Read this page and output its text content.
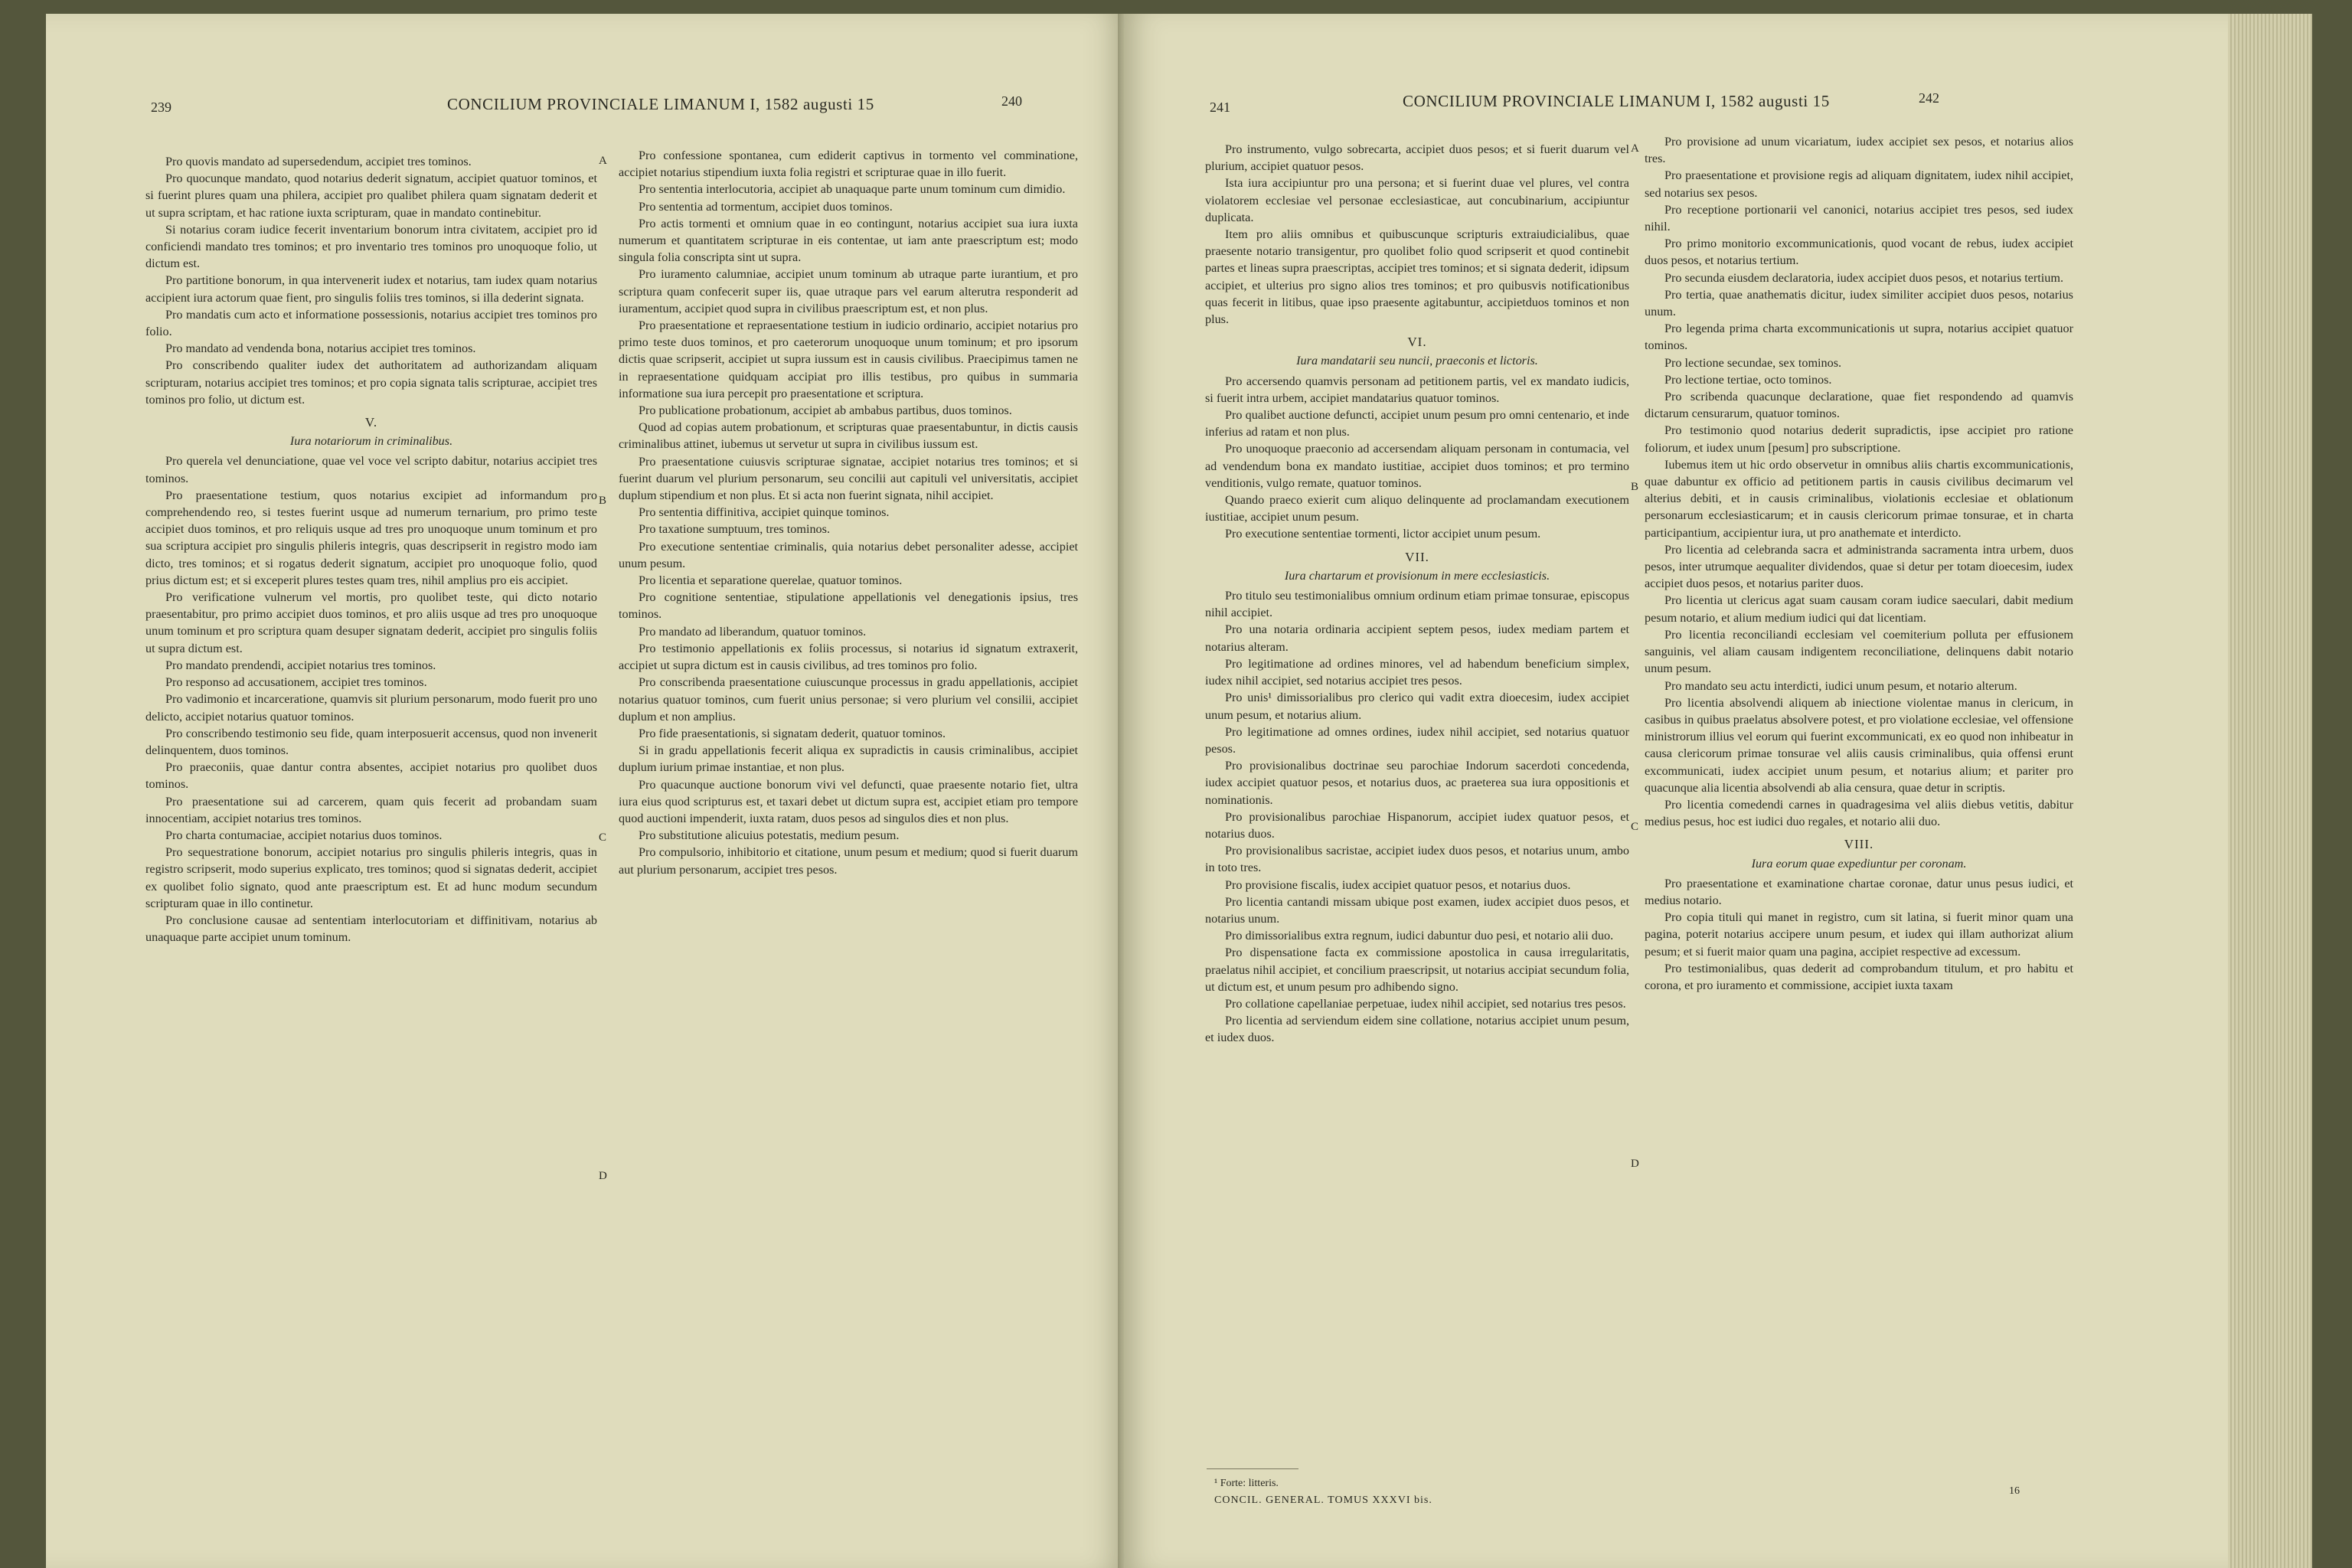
239	CONCILIUM PROVINCIALE LIMANUM I, 1582 augusti 15	240

Pro quovis mandato ad supersedendum, accipiet tres tominos.

Pro quocunque mandato, quod notarius dederit signatum, accipiet quatuor tominos, et si fuerint plures quam una philera, accipiet pro qualibet philera quam signatam dederit et ut supra scriptam, et hac ratione iuxta scripturam, quae in mandato continebitur.

Si notarius coram iudice fecerit inventarium bonorum intra civitatem, accipiet pro id conficiendi mandato tres tominos; et pro inventario tres tominos pro unoquoque folio, ut dictum est.

Pro partitione bonorum, in qua intervenerit iudex et notarius, tam iudex quam notarius accipient iura actorum quae fient, pro singulis foliis tres tominos, si illa dederint signata.

Pro mandatis cum acto et informatione possessionis, notarius accipiet tres tominos pro folio.

Pro mandato ad vendenda bona, notarius accipiet tres tominos.

Pro conscribendo qualiter iudex det authoritatem ad authorizandam aliquam scripturam, notarius accipiet tres tominos; et pro copia signata talis scripturae, accipiet tres tominos pro folio, ut dictum est.

V.

Iura notariorum in criminalibus.

Pro querela vel denunciatione, quae vel voce vel scripto dabitur, notarius accipiet tres tominos.

Pro praesentatione testium, quos notarius excipiet ad informandum pro comprehendendo reo, si testes fuerint usque ad numerum ternarium, pro primo teste accipiet duos tominos, et pro reliquis usque ad tres pro unoquoque unum tominum et pro sua scriptura accipiet pro singulis phileris integris, quas descripserit in registro modo iam dicto, tres tominos; et si rogatus dederit signatum, accipiet pro unoquoque folio, quod prius dictum est; et si exceperit plures testes quam tres, nihil amplius pro eis accipiet.

Pro verificatione vulnerum vel mortis, pro quolibet teste, qui dicto notario praesentabitur, pro primo accipiet duos tominos, et pro aliis usque ad tres pro unoquoque unum tominum et pro scriptura quam desuper signatam dederit, accipiet pro singulis foliis ut supra dictum est.

Pro mandato prendendi, accipiet notarius tres tominos.

Pro responso ad accusationem, accipiet tres tominos.

Pro vadimonio et incarceratione, quamvis sit plurium personarum, modo fuerit pro uno delicto, accipiet notarius quatuor tominos.

Pro conscribendo testimonio seu fide, quam interposuerit accensus, quod non invenerit delinquentem, duos tominos.

Pro praeconiis, quae dantur contra absentes, accipiet notarius pro quolibet duos tominos.

Pro praesentatione sui ad carcerem, quam quis fecerit ad probandam suam innocentiam, accipiet notarius tres tominos.

Pro charta contumaciae, accipiet notarius duos tominos.

Pro sequestratione bonorum, accipiet notarius pro singulis phileris integris, quas in registro scripserit, modo superius explicato, tres tominos; quod si signatas dederit, accipiet ex quolibet folio signato, quod ante praescriptum est. Et ad hunc modum secundum scripturam quae in illo continetur.

Pro conclusione causae ad sententiam interlocutoriam et diffinitivam, notarius ab unaquaque parte accipiet unum tominum.

Pro confessione spontanea, cum ediderit captivus in tormento vel comminatione, accipiet notarius stipendium iuxta folia registri et scripturae quae in illo fuerit.

Pro sententia interlocutoria, accipiet ab unaquaque parte unum tominum cum dimidio.

Pro sententia ad tormentum, accipiet duos tominos.

Pro actis tormenti et omnium quae in eo contingunt, notarius accipiet sua iura iuxta numerum et quantitatem scripturae in eis contentae, ut iam ante praescriptum est; modo singula folia conscripta sint ut supra.

Pro iuramento calumniae, accipiet unum tominum ab utraque parte iurantium, et pro scriptura quam confecerit super iis, quae utraque pars vel earum alterutra responderit ad iuramentum, accipiet quod supra in civilibus praescriptum est, et non plus.

Pro praesentatione et repraesentatione testium in iudicio ordinario, accipiet notarius pro primo teste duos tominos, et pro caeterorum unoquoque unum tominum; et pro ipsorum dictis quae scripserit, accipiet ut supra iussum est in causis civilibus. Praecipimus tamen ne in repraesentatione quidquam accipiat pro illis testibus, pro quibus in summaria informatione sua iura percepit pro praesentatione et scriptura.

Pro publicatione probationum, accipiet ab ambabus partibus, duos tominos.

Quod ad copias autem probationum, et scripturas quae praesentabuntur, in dictis causis criminalibus attinet, iubemus ut servetur ut supra in civilibus iussum est.

Pro praesentatione cuiusvis scripturae signatae, accipiet notarius tres tominos; et si fuerint duarum vel plurium personarum, seu concilii aut capituli vel universitatis, accipiet duplum stipendium et non plus. Et si acta non fuerint signata, nihil accipiet.

Pro sententia diffinitiva, accipiet quinque tominos.

Pro taxatione sumptuum, tres tominos.

Pro executione sententiae criminalis, quia notarius debet personaliter adesse, accipiet unum pesum.

Pro licentia et separatione querelae, quatuor tominos.

Pro cognitione sententiae, stipulatione appellationis vel denegationis ipsius, tres tominos.

Pro mandato ad liberandum, quatuor tominos.

Pro testimonio appellationis ex foliis processus, si notarius id signatum extraxerit, accipiet ut supra dictum est in causis civilibus, ad tres tominos pro folio.

Pro conscribenda praesentatione cuiuscunque processus in gradu appellationis, accipiet notarius quatuor tominos, cum fuerit unius personae; si vero plurium vel consilii, accipiet duplum et non amplius.

Pro fide praesentationis, si signatam dederit, quatuor tominos.

Si in gradu appellationis fecerit aliqua ex supradictis in causis criminalibus, accipiet duplum iurium primae instantiae, et non plus.

Pro quacunque auctione bonorum vivi vel defuncti, quae praesente notario fiet, ultra iura eius quod scripturus est, et taxari debet ut dictum supra est, accipiet etiam pro tempore quod auctioni impenderit, iuxta ratam, duos pesos ad singulos dies et non plus.

Pro substitutione alicuius potestatis, medium pesum.

Pro compulsorio, inhibitorio et citatione, unum pesum et medium; quod si fuerit duarum aut plurium personarum, accipiet tres pesos.

A
B
C
D
241	CONCILIUM PROVINCIALE LIMANUM I, 1582 augusti 15	242

Pro instrumento, vulgo sobrecarta, accipiet duos pesos; et si fuerit duarum vel plurium, accipiet quatuor pesos.

Ista iura accipiuntur pro una persona; et si fuerint duae vel plures, vel contra violatorem ecclesiae vel personae ecclesiasticae, aut concubinarium, accipiuntur duplicata.

Item pro aliis omnibus et quibuscunque scripturis extraiudicialibus, quae praesente notario transigentur, pro quolibet folio quod scripserit et quod continebit partes et lineas supra praescriptas, accipiet tres tominos; et si signata dederit, idipsum accipiet, et ulterius pro signo alios tres tominos; et pro quibusvis notificationibus quas fecerit in litibus, quae ipso praesente agitabuntur, accipietduos tominos et non plus.

VI.

Iura mandatarii seu nuncii, praeconis et lictoris.

Pro accersendo quamvis personam ad petitionem partis, vel ex mandato iudicis, si fuerit intra urbem, accipiet mandatarius quatuor tominos.

Pro qualibet auctione defuncti, accipiet unum pesum pro omni centenario, et inde inferius ad ratam et non plus.

Pro unoquoque praeconio ad accersendam aliquam personam in contumacia, vel ad vendendum bona ex mandato iustitiae, accipiet duos tominos; et pro termino venditionis, vulgo remate, quatuor tominos.

Quando praeco exierit cum aliquo delinquente ad proclamandam executionem iustitiae, accipiet unum pesum.

Pro executione sententiae tormenti, lictor accipiet unum pesum.

VII.

Iura chartarum et provisionum in mere ecclesiasticis.

Pro titulo seu testimonialibus omnium ordinum etiam primae tonsurae, episcopus nihil accipiet.

Pro una notaria ordinaria accipient septem pesos, iudex mediam partem et notarius alteram.

Pro legitimatione ad ordines minores, vel ad habendum beneficium simplex, iudex nihil accipiet, sed notarius accipiet tres pesos.

Pro unis¹ dimissorialibus pro clerico qui vadit extra dioecesim, iudex accipiet unum pesum, et notarius alium.

Pro legitimatione ad omnes ordines, iudex nihil accipiet, sed notarius quatuor pesos.

Pro provisionalibus doctrinae seu parochiae Indorum sacerdoti concedenda, iudex accipiet quatuor pesos, et notarius duos, ac praeterea sua iura oppositionis et nominationis.

Pro provisionalibus parochiae Hispanorum, accipiet iudex quatuor pesos, et notarius duos.

Pro provisionalibus sacristae, accipiet iudex duos pesos, et notarius unum, ambo in toto tres.

Pro provisione fiscalis, iudex accipiet quatuor pesos, et notarius duos.

Pro licentia cantandi missam ubique post examen, iudex accipiet duos pesos, et notarius unum.

Pro dimissorialibus extra regnum, iudici dabuntur duo pesi, et notario alii duo.

Pro dispensatione facta ex commissione apostolica in causa irregularitatis, praelatus nihil accipiet, et concilium praescripsit, ut notarius accipiat secundum folia, ut dictum est, et unum pesum pro adhibendo signo.

Pro collatione capellaniae perpetuae, iudex nihil accipiet, sed notarius tres pesos.

Pro licentia ad serviendum eidem sine collatione, notarius accipiet unum pesum, et iudex duos.

Pro provisione ad unum vicariatum, iudex accipiet sex pesos, et notarius alios tres.

Pro praesentatione et provisione regis ad aliquam dignitatem, iudex nihil accipiet, sed notarius sex pesos.

Pro receptione portionarii vel canonici, notarius accipiet tres pesos, sed iudex nihil.

Pro primo monitorio excommunicationis, quod vocant de rebus, iudex accipiet duos pesos, et notarius tertium.

Pro secunda eiusdem declaratoria, iudex accipiet duos pesos, et notarius tertium.

Pro tertia, quae anathematis dicitur, iudex similiter accipiet duos pesos, notarius unum.

Pro legenda prima charta excommunicationis ut supra, notarius accipiet quatuor tominos.

Pro lectione secundae, sex tominos.

Pro lectione tertiae, octo tominos.

Pro scribenda quacunque declaratione, quae fiet respondendo ad quamvis dictarum censurarum, quatuor tominos.

Pro testimonio quod notarius dederit supradictis, ipse accipiet pro ratione foliorum, et iudex unum [pesum] pro subscriptione.

Iubemus item ut hic ordo observetur in omnibus aliis chartis excommunicationis, quae dabuntur ex officio ad petitionem partis in causis civilibus decimarum vel alterius debiti, et in causis criminalibus, violationis ecclesiae et oblationum personarum ecclesiasticarum; et in causis clericorum primae tonsurae, et in charta participantium, accipientur iura, ut pro anathemate et interdicto.

Pro licentia ad celebranda sacra et administranda sacramenta intra urbem, duos pesos, inter utrumque aequaliter dividendos, quae si detur per totam dioecesim, iudex accipiet duos pesos, et notarius pariter duos.

Pro licentia ut clericus agat suam causam coram iudice saeculari, dabit medium pesum notario, et alium medium iudici qui dat licentiam.

Pro licentia reconciliandi ecclesiam vel coemiterium polluta per effusionem sanguinis, vel aliam causam indigentem reconciliatione, delinquens dabit notario unum pesum.

Pro mandato seu actu interdicti, iudici unum pesum, et notario alterum.

Pro licentia absolvendi aliquem ab iniectione violentae manus in clericum, in casibus in quibus praelatus absolvere potest, et pro violatione ecclesiae, vel offensione ministrorum illius vel eorum qui fuerint excommunicati, ex eo quod non inhibeatur in causa clericorum primae tonsurae vel aliis causis criminalibus, quia offensi erunt excommunicati, iudex accipiet unum pesum, et notarius alium; et pariter pro quacunque alia licentia absolvendi ab alia censura, quae detur in scriptis.

Pro licentia comedendi carnes in quadragesima vel aliis diebus vetitis, dabitur medius pesus, hoc est iudici duo regales, et notario alii duo.

VIII.

Iura eorum quae expediuntur per coronam.

Pro praesentatione et examinatione chartae coronae, datur unus pesus iudici, et medius notario.

Pro copia tituli qui manet in registro, cum sit latina, si fuerit minor quam una pagina, poterit notarius accipere unum pesum, et iudex qui illam authorizat alium pesum; et si fuerit maior quam una pagina, accipiet respective ad excessum.

Pro testimonialibus, quas dederit ad comprobandum titulum, et pro habitu et corona, et pro iuramento et commissione, accipiet iuxta taxam

A
B
C
D
¹ Forte: litteris.
CONCIL. GENERAL. TOMUS XXXVI bis.
16
